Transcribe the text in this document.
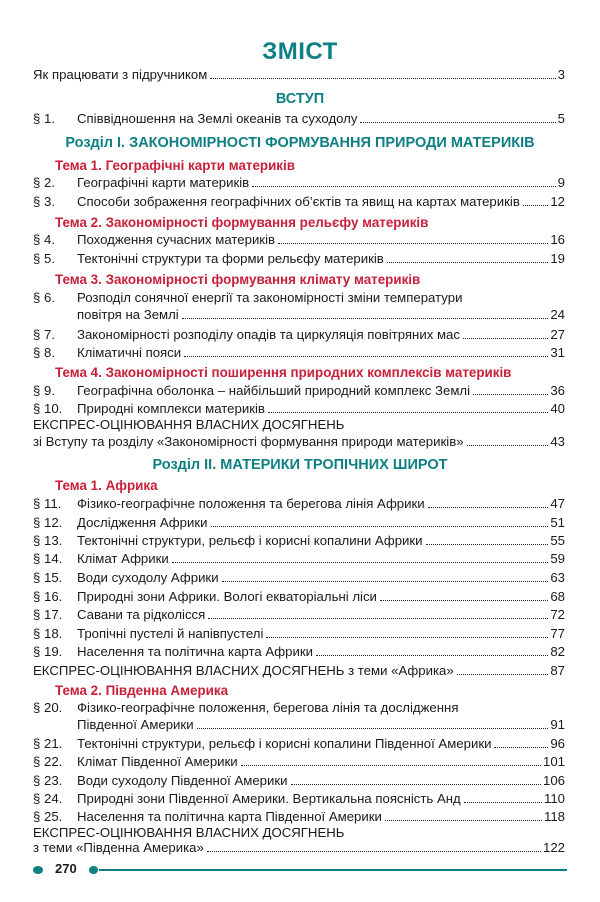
ЗМІСТ
Як працювати з підручником	3
ВСТУП
§ 1.	Співвідношення на Землі океанів та суходолу	5
Розділ І. ЗАКОНОМІРНОСТІ ФОРМУВАННЯ ПРИРОДИ МАТЕРИКІВ
Тема 1. Географічні карти материків
§ 2.	Географічні карти материків	9
§ 3.	Способи зображення географічних об’єктів та явищ на картах материків 12
Тема 2. Закономірності формування рельєфу материків
§ 4.	Походження сучасних материків	16
§ 5.	Тектонічні структури та форми рельєфу материків	19
Тема 3. Закономірності формування клімату материків
§ 6.	Розподіл сонячної енергії та закономірності зміни температури
повітря на Землі	24
§ 7.	Закономірності розподілу опадів та циркуляція повітряних мас	27
§ 8.	Кліматичні пояси	31
Тема 4. Закономірності поширення природних комплексів материків
§ 9.	Географічна оболонка – найбільший природний комплекс Землі	36
§ 10.	Природні комплекси материків	40
ЕКСПРЕС-ОЦІНЮВАННЯ ВЛАСНИХ ДОСЯГНЕНЬ
зі Вступу та розділу «Закономірності формування природи материків»	43
Розділ ІІ. МАТЕРИКИ ТРОПІЧНИХ ШИРОТ
Тема 1. Африка
§ 11.	Фізико-географічне положення та берегова лінія Африки	47
§ 12.	Дослідження Африки	51
§ 13.	Тектонічні структури, рельєф і корисні копалини Африки	55
§ 14.	Клімат Африки	59
§ 15.	Води суходолу Африки	63
§ 16.	Природні зони Африки. Вологі екваторіальні ліси	68
§ 17.	Савани та рідколісся	72
§ 18.	Тропічні пустелі й напівпустелі	77
§ 19.	Населення та політична карта Африки	82
ЕКСПРЕС-ОЦІНЮВАННЯ ВЛАСНИХ ДОСЯГНЕНЬ з теми «Африка»	87
Тема 2. Південна Америка
§ 20.	Фізико-географічне положення, берегова лінія та дослідження
Південної Америки	91
§ 21.	Тектонічні структури, рельєф і корисні копалини Південної Америки	96
§ 22.	Клімат Південної Америки	101
§ 23.	Води суходолу Південної Америки	106
§ 24.	Природні зони Південної Америки. Вертикальна поясність Анд	110
§ 25.	Населення та політична карта Південної Америки	118
ЕКСПРЕС-ОЦІНЮВАННЯ ВЛАСНИХ ДОСЯГНЕНЬ
з теми «Південна Америка»	122
270
